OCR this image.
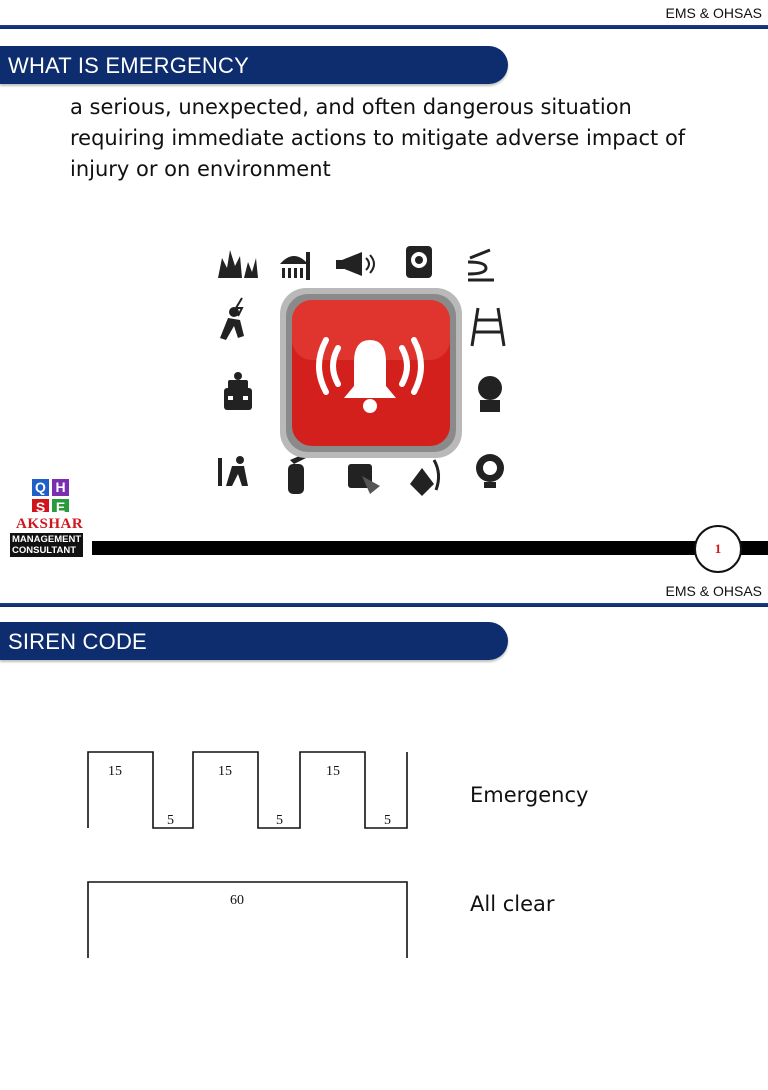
EMS & OHSAS
WHAT IS EMERGENCY
a serious, unexpected, and often dangerous situation requiring immediate actions to mitigate adverse impact of injury or on environment
Q H
S E
AKSHAR
MANAGEMENT
CONSULTANT	1
EMS & OHSAS
SIREN CODE
15	15	15
5	5	5
60
Emergency
All clear
